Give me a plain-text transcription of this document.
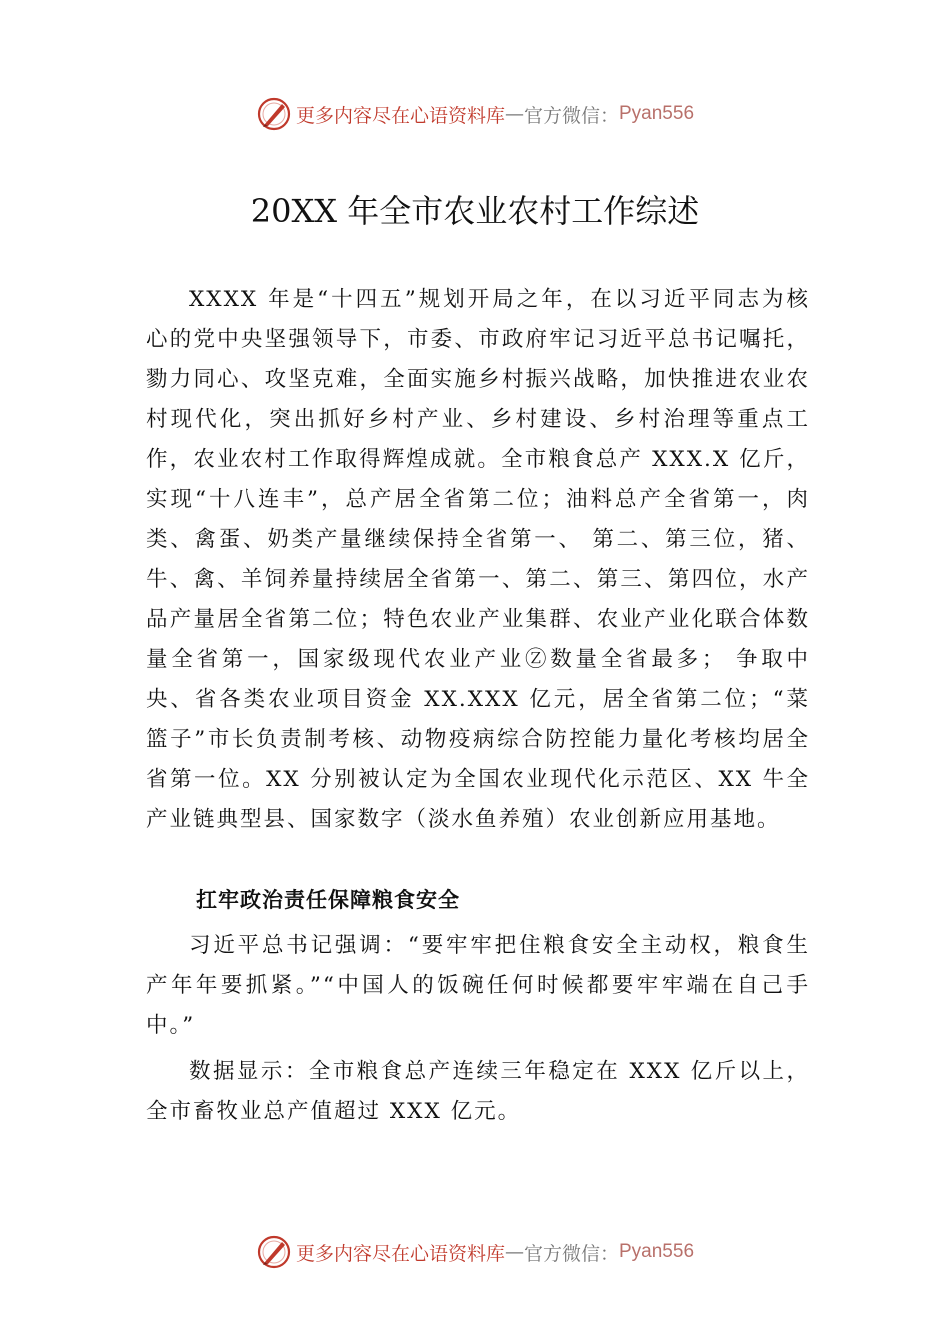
更多内容尽在心语资料库 — 官方微信： Pyan556
20XX 年全市农业农村工作综述

XXXX 年是“十四五”规划开局之年，在以习近平同志为核心的党中央坚强领导下，市委、市政府牢记习近平总书记嘱托，勠力同心、攻坚克难，全面实施乡村振兴战略，加快推进农业农村现代化，突出抓好乡村产业、乡村建设、乡村治理等重点工作，农业农村工作取得辉煌成就。全市粮食总产 XXX.X 亿斤，实现“十八连丰”，总产居全省第二位；油料总产全省第一，肉类、禽蛋、奶类产量继续保持全省第一、 第二、第三位，猪、牛、禽、羊饲养量持续居全省第一、第二、第三、第四位，水产品产量居全省第二位；特色农业产业集群、农业产业化联合体数量全省第一，国家级现代农业产业Ⓩ数量全省最多； 争取中央、省各类农业项目资金 XX.XXX 亿元，居全省第二位；“菜篮子”市长负责制考核、动物疫病综合防控能力量化考核均居全省第一位。XX 分别被认定为全国农业现代化示范区、XX 牛全产业链典型县、国家数字（淡水鱼养殖）农业创新应用基地。

扛牢政治责任保障粮食安全

习近平总书记强调：“要牢牢把住粮食安全主动权，粮食生产年年要抓紧。”“中国人的饭碗任何时候都要牢牢端在自己手中。”

数据显示：全市粮食总产连续三年稳定在 XXX 亿斤以上，全市畜牧业总产值超过 XXX 亿元。

更多内容尽在心语资料库 — 官方微信： Pyan556
